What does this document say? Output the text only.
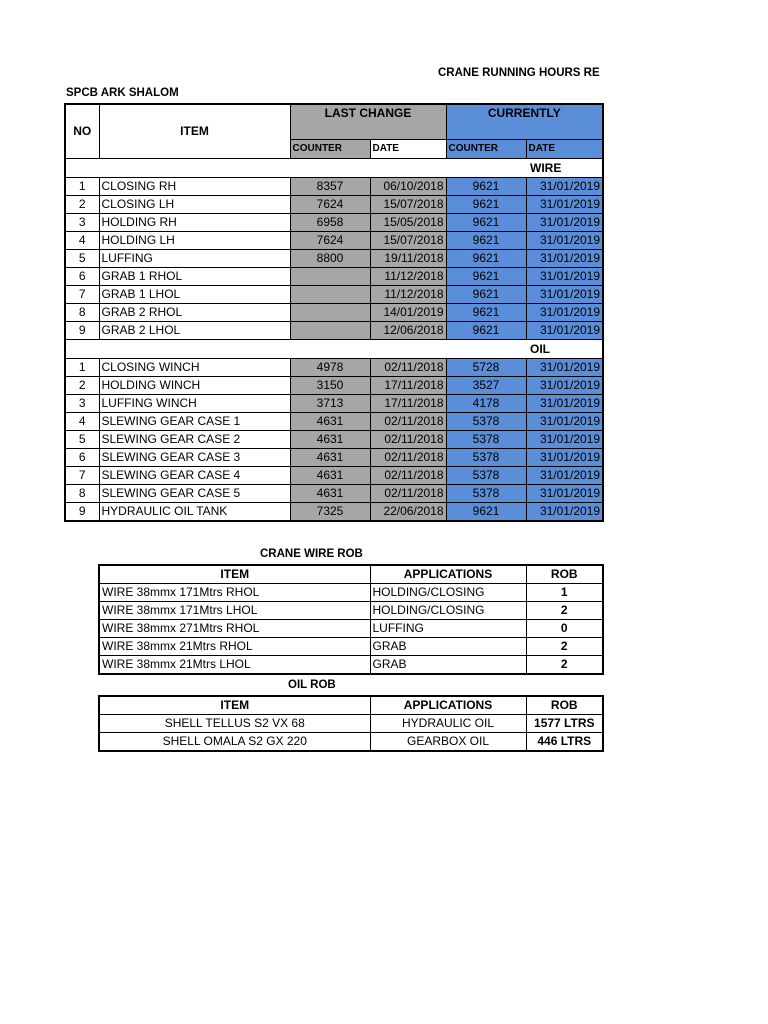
CRANE RUNNING HOURS RE
SPCB ARK SHALOM
NO	ITEM	LAST CHANGE		CURRENTLY	
		COUNTER	DATE	COUNTER	DATE
					WIRE
1	CLOSING RH	8357	06/10/2018	9621	31/01/2019
2	CLOSING LH	7624	15/07/2018	9621	31/01/2019
3	HOLDING RH	6958	15/05/2018	9621	31/01/2019
4	HOLDING LH	7624	15/07/2018	9621	31/01/2019
5	LUFFING	8800	19/11/2018	9621	31/01/2019
6	GRAB 1 RHOL		11/12/2018	9621	31/01/2019
7	GRAB 1 LHOL		11/12/2018	9621	31/01/2019
8	GRAB 2 RHOL		14/01/2019	9621	31/01/2019
9	GRAB 2 LHOL		12/06/2018	9621	31/01/2019
					OIL
1	CLOSING WINCH	4978	02/11/2018	5728	31/01/2019
2	HOLDING WINCH	3150	17/11/2018	3527	31/01/2019
3	LUFFING WINCH	3713	17/11/2018	4178	31/01/2019
4	SLEWING GEAR CASE 1	4631	02/11/2018	5378	31/01/2019
5	SLEWING GEAR CASE 2	4631	02/11/2018	5378	31/01/2019
6	SLEWING GEAR CASE 3	4631	02/11/2018	5378	31/01/2019
7	SLEWING GEAR CASE 4	4631	02/11/2018	5378	31/01/2019
8	SLEWING GEAR CASE 5	4631	02/11/2018	5378	31/01/2019
9	HYDRAULIC OIL TANK	7325	22/06/2018	9621	31/01/2019
CRANE WIRE ROB
ITEM	APPLICATIONS	ROB
WIRE 38mmx 171Mtrs RHOL	HOLDING/CLOSING	1
WIRE 38mmx 171Mtrs LHOL	HOLDING/CLOSING	2
WIRE 38mmx 271Mtrs RHOL	LUFFING	0
WIRE 38mmx 21Mtrs RHOL	GRAB	2
WIRE 38mmx 21Mtrs LHOL	GRAB	2
OIL ROB
ITEM	APPLICATIONS	ROB
SHELL TELLUS S2 VX 68	HYDRAULIC OIL	1577 LTRS
SHELL OMALA S2 GX 220	GEARBOX OIL	446 LTRS
